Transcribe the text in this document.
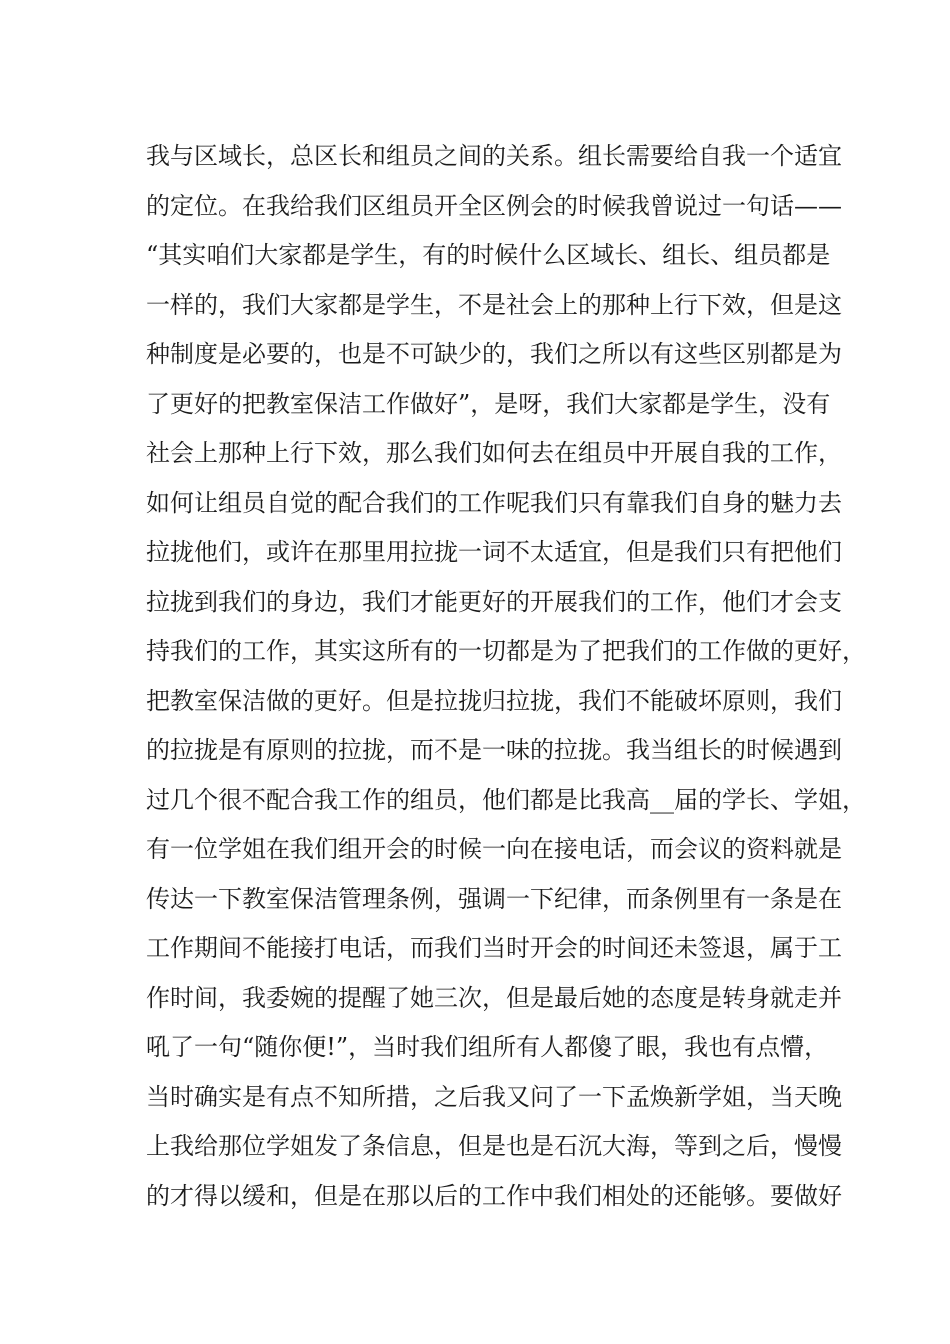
我与区域长，总区长和组员之间的关系。组长需要给自我一个适宜
的定位。在我给我们区组员开全区例会的时候我曾说过一句话——
“其实咱们大家都是学生，有的时候什么区域长、组长、组员都是
一样的，我们大家都是学生，不是社会上的那种上行下效，但是这
种制度是必要的，也是不可缺少的，我们之所以有这些区别都是为
了更好的把教室保洁工作做好”，是呀，我们大家都是学生，没有
社会上那种上行下效，那么我们如何去在组员中开展自我的工作，
如何让组员自觉的配合我们的工作呢我们只有靠我们自身的魅力去
拉拢他们，或许在那里用拉拢一词不太适宜，但是我们只有把他们
拉拢到我们的身边，我们才能更好的开展我们的工作，他们才会支
持我们的工作，其实这所有的一切都是为了把我们的工作做的更好，
把教室保洁做的更好。但是拉拢归拉拢，我们不能破坏原则，我们
的拉拢是有原则的拉拢，而不是一味的拉拢。我当组长的时候遇到
过几个很不配合我工作的组员，他们都是比我高__届的学长、学姐，
有一位学姐在我们组开会的时候一向在接电话，而会议的资料就是
传达一下教室保洁管理条例，强调一下纪律，而条例里有一条是在
工作期间不能接打电话，而我们当时开会的时间还未签退，属于工
作时间，我委婉的提醒了她三次，但是最后她的态度是转身就走并
吼了一句“随你便!”，当时我们组所有人都傻了眼，我也有点懵，
当时确实是有点不知所措，之后我又问了一下孟焕新学姐，当天晚
上我给那位学姐发了条信息，但是也是石沉大海，等到之后，慢慢
的才得以缓和，但是在那以后的工作中我们相处的还能够。要做好
